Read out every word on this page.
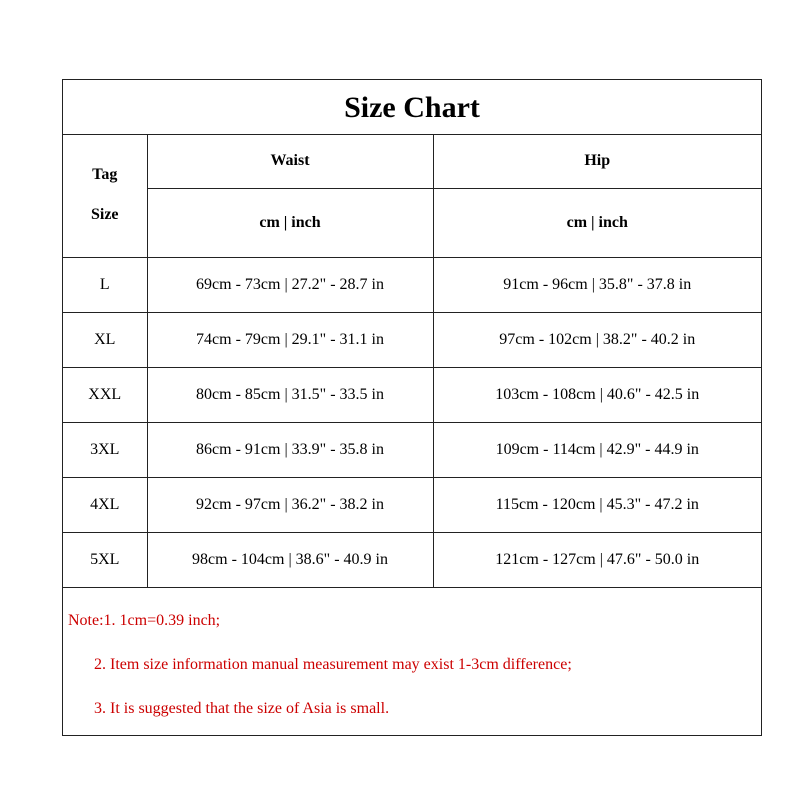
Size Chart
Tag
Size	Waist	Hip
	cm | inch	cm | inch
L	69cm - 73cm | 27.2" - 28.7 in	91cm - 96cm | 35.8" - 37.8 in
XL	74cm - 79cm | 29.1" - 31.1 in	97cm - 102cm | 38.2" - 40.2 in
XXL	80cm - 85cm | 31.5" - 33.5 in	103cm - 108cm | 40.6" - 42.5 in
3XL	86cm - 91cm | 33.9" - 35.8 in	109cm - 114cm | 42.9" - 44.9 in
4XL	92cm - 97cm | 36.2" - 38.2 in	115cm - 120cm | 45.3" - 47.2 in
5XL	98cm - 104cm | 38.6" - 40.9 in	121cm - 127cm | 47.6" - 50.0 in
Note:1. 1cm=0.39 inch;
2. Item size information manual measurement may exist 1-3cm difference;
3. It is suggested that the size of Asia is small.
